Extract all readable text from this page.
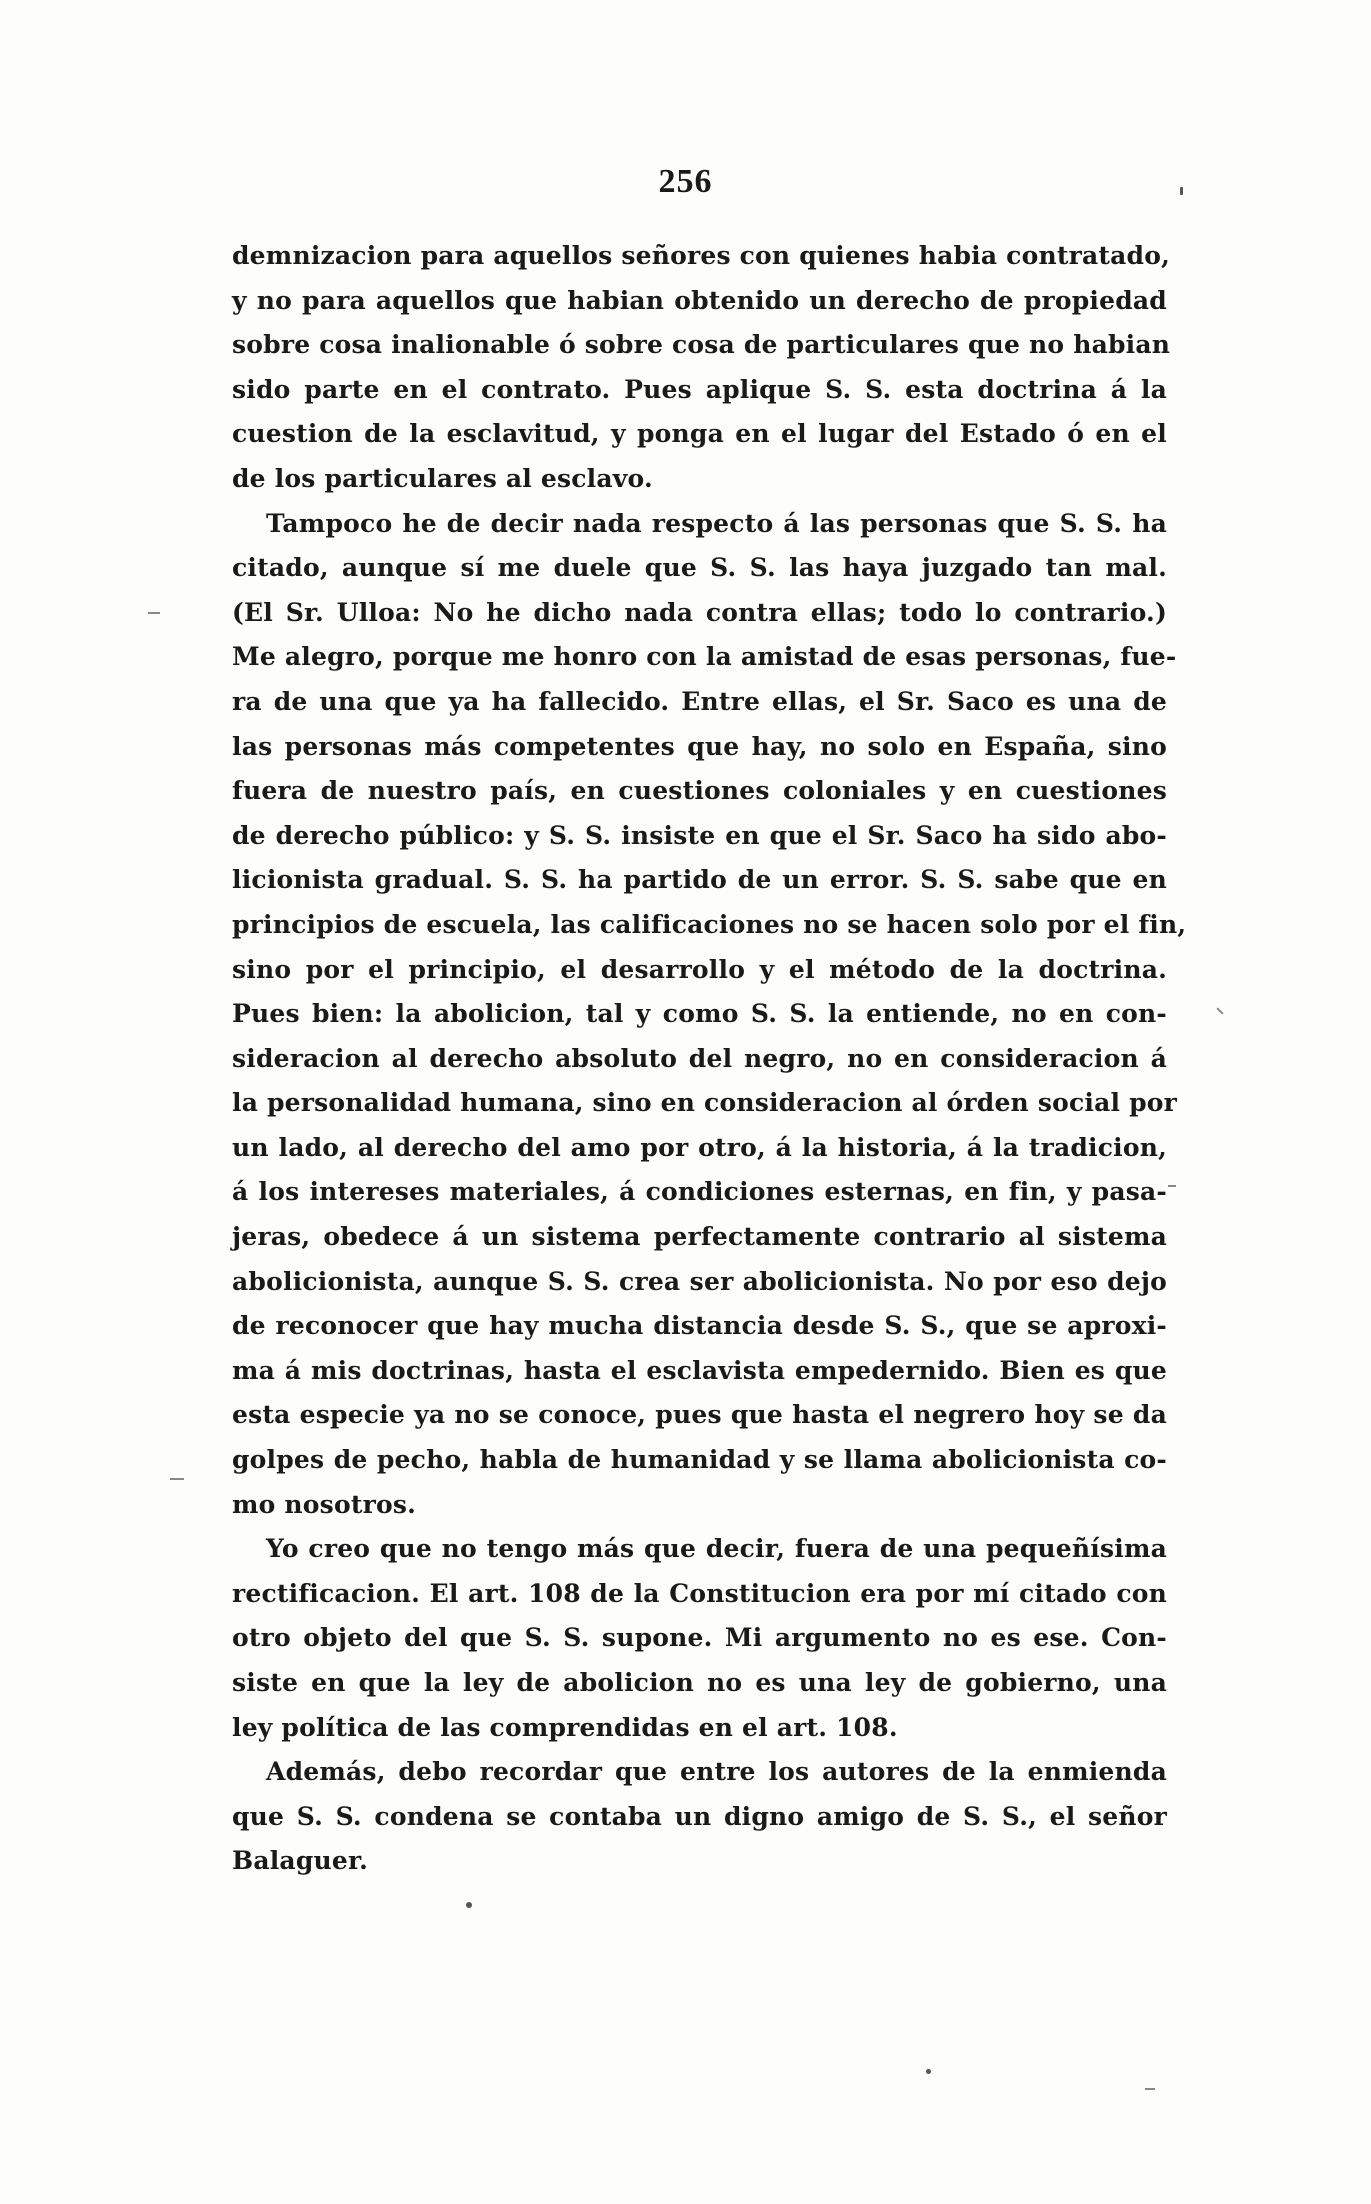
256
demnizacion para aquellos señores con quienes habia contratado,
y no para aquellos que habian obtenido un derecho de propiedad
sobre cosa inalionable ó sobre cosa de particulares que no habian
sido parte en el contrato. Pues aplique S. S. esta doctrina á la
cuestion de la esclavitud, y ponga en el lugar del Estado ó en el
de los particulares al esclavo.
Tampoco he de decir nada respecto á las personas que S. S. ha
citado, aunque sí me duele que S. S. las haya juzgado tan mal.
(El Sr. Ulloa: No he dicho nada contra ellas; todo lo contrario.)
Me alegro, porque me honro con la amistad de esas personas, fue-
ra de una que ya ha fallecido. Entre ellas, el Sr. Saco es una de
las personas más competentes que hay, no solo en España, sino
fuera de nuestro país, en cuestiones coloniales y en cuestiones
de derecho público: y S. S. insiste en que el Sr. Saco ha sido abo-
licionista gradual. S. S. ha partido de un error. S. S. sabe que en
principios de escuela, las calificaciones no se hacen solo por el fin,
sino por el principio, el desarrollo y el método de la doctrina.
Pues bien: la abolicion, tal y como S. S. la entiende, no en con-
sideracion al derecho absoluto del negro, no en consideracion á
la personalidad humana, sino en consideracion al órden social por
un lado, al derecho del amo por otro, á la historia, á la tradicion,
á los intereses materiales, á condiciones esternas, en fin, y pasa-
jeras, obedece á un sistema perfectamente contrario al sistema
abolicionista, aunque S. S. crea ser abolicionista. No por eso dejo
de reconocer que hay mucha distancia desde S. S., que se aproxi-
ma á mis doctrinas, hasta el esclavista empedernido. Bien es que
esta especie ya no se conoce, pues que hasta el negrero hoy se da
golpes de pecho, habla de humanidad y se llama abolicionista co-
mo nosotros.
Yo creo que no tengo más que decir, fuera de una pequeñísima
rectificacion. El art. 108 de la Constitucion era por mí citado con
otro objeto del que S. S. supone. Mi argumento no es ese. Con-
siste en que la ley de abolicion no es una ley de gobierno, una
ley política de las comprendidas en el art. 108.
Además, debo recordar que entre los autores de la enmienda
que S. S. condena se contaba un digno amigo de S. S., el señor
Balaguer.
